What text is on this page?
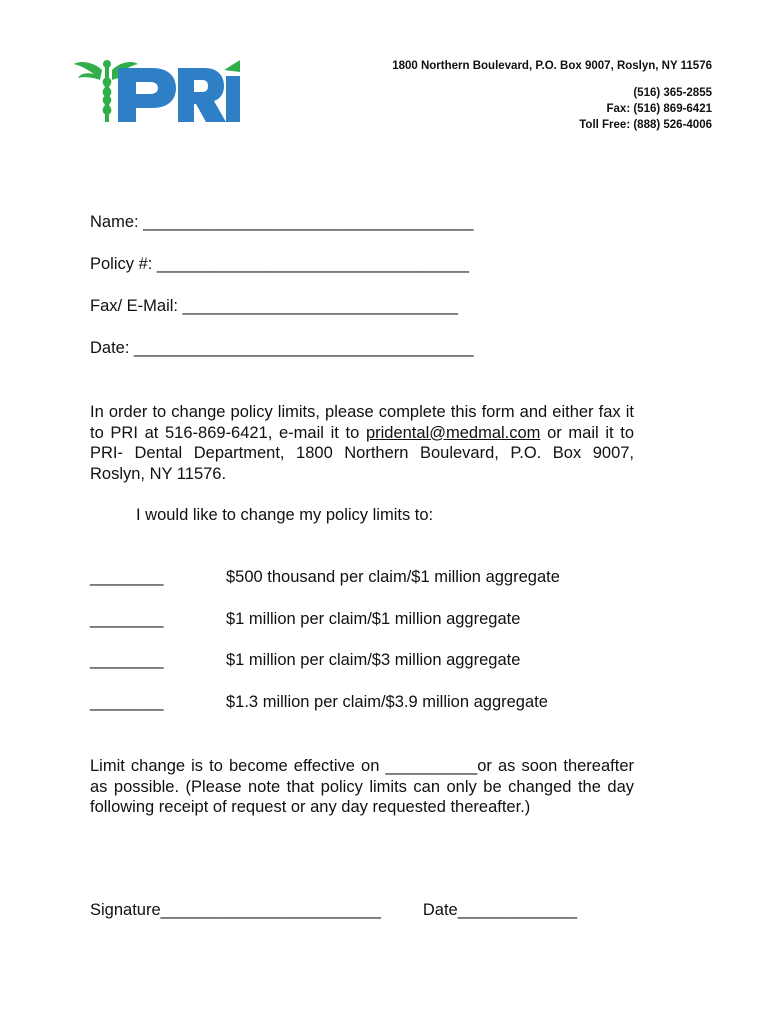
1800 Northern Boulevard, P.O. Box 9007, Roslyn, NY 11576
(516) 365-2855
Fax: (516) 869-6421
Toll Free: (888) 526-4006
Name: ____________________________________
Policy #: __________________________________
Fax/ E-Mail: ______________________________
Date: _____________________________________
In order to change policy limits, please complete this form and either fax it to PRI at 516-869-6421, e-mail it to pridental@medmal.com or mail it to PRI- Dental Department, 1800 Northern Boulevard, P.O. Box 9007, Roslyn, NY 11576.
I would like to change my policy limits to:
________	$500 thousand per claim/$1 million aggregate
________	$1 million per claim/$1 million aggregate
________	$1 million per claim/$3 million aggregate
________	$1.3 million per claim/$3.9 million aggregate
Limit change is to become effective on __________or as soon thereafter as possible. (Please note that policy limits can only be changed the day following receipt of request or any day requested thereafter.)
Signature________________________	Date_____________
